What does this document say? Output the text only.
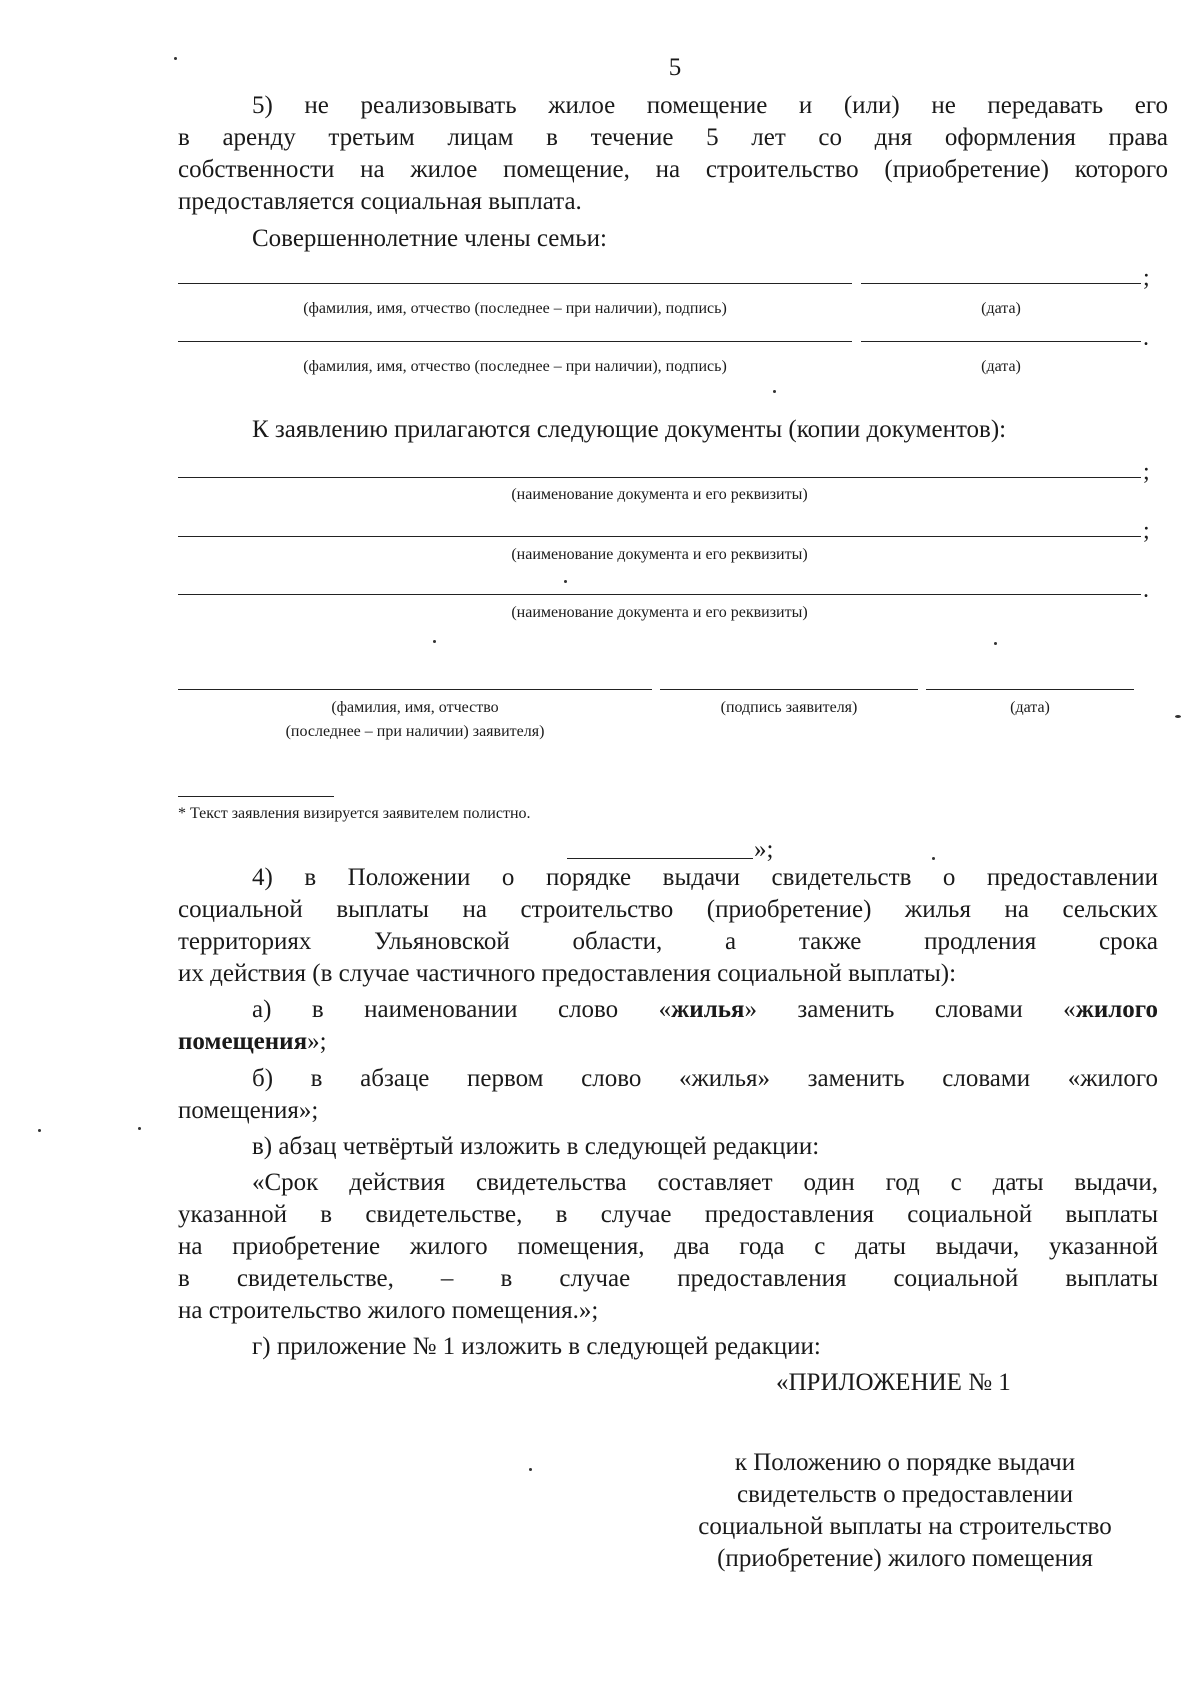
5
5) не реализовывать жилое помещение и (или) не передавать его
в аренду третьим лицам в течение 5 лет со дня оформления права
собственности на жилое помещение, на строительство (приобретение) которого
предоставляется социальная выплата.
Совершеннолетние члены семьи:
;
(фамилия, имя, отчество (последнее – при наличии), подпись)	(дата)
.
(фамилия, имя, отчество (последнее – при наличии), подпись)	(дата)
К заявлению прилагаются следующие документы (копии документов):
;
(наименование документа и его реквизиты)
;
(наименование документа и его реквизиты)
.
(наименование документа и его реквизиты)
(фамилия, имя, отчество
(последнее – при наличии) заявителя)
(подпись заявителя)	(дата)
* Текст заявления визируется заявителем полистно.
»;
4) в Положении о порядке выдачи свидетельств о предоставлении
социальной выплаты на строительство (приобретение) жилья на сельских
территориях Ульяновской области, а также продления срока
их действия (в случае частичного предоставления социальной выплаты):
а) в наименовании слово «жилья» заменить словами «жилого
помещения»;
б) в абзаце первом слово «жилья» заменить словами «жилого
помещения»;
в) абзац четвёртый изложить в следующей редакции:
«Срок действия свидетельства составляет один год с даты выдачи,
указанной в свидетельстве, в случае предоставления социальной выплаты
на приобретение жилого помещения, два года с даты выдачи, указанной
в свидетельстве, – в случае предоставления социальной выплаты
на строительство жилого помещения.»;
г) приложение № 1 изложить в следующей редакции:
«ПРИЛОЖЕНИЕ № 1
к Положению о порядке выдачи
свидетельств о предоставлении
социальной выплаты на строительство
(приобретение) жилого помещения
